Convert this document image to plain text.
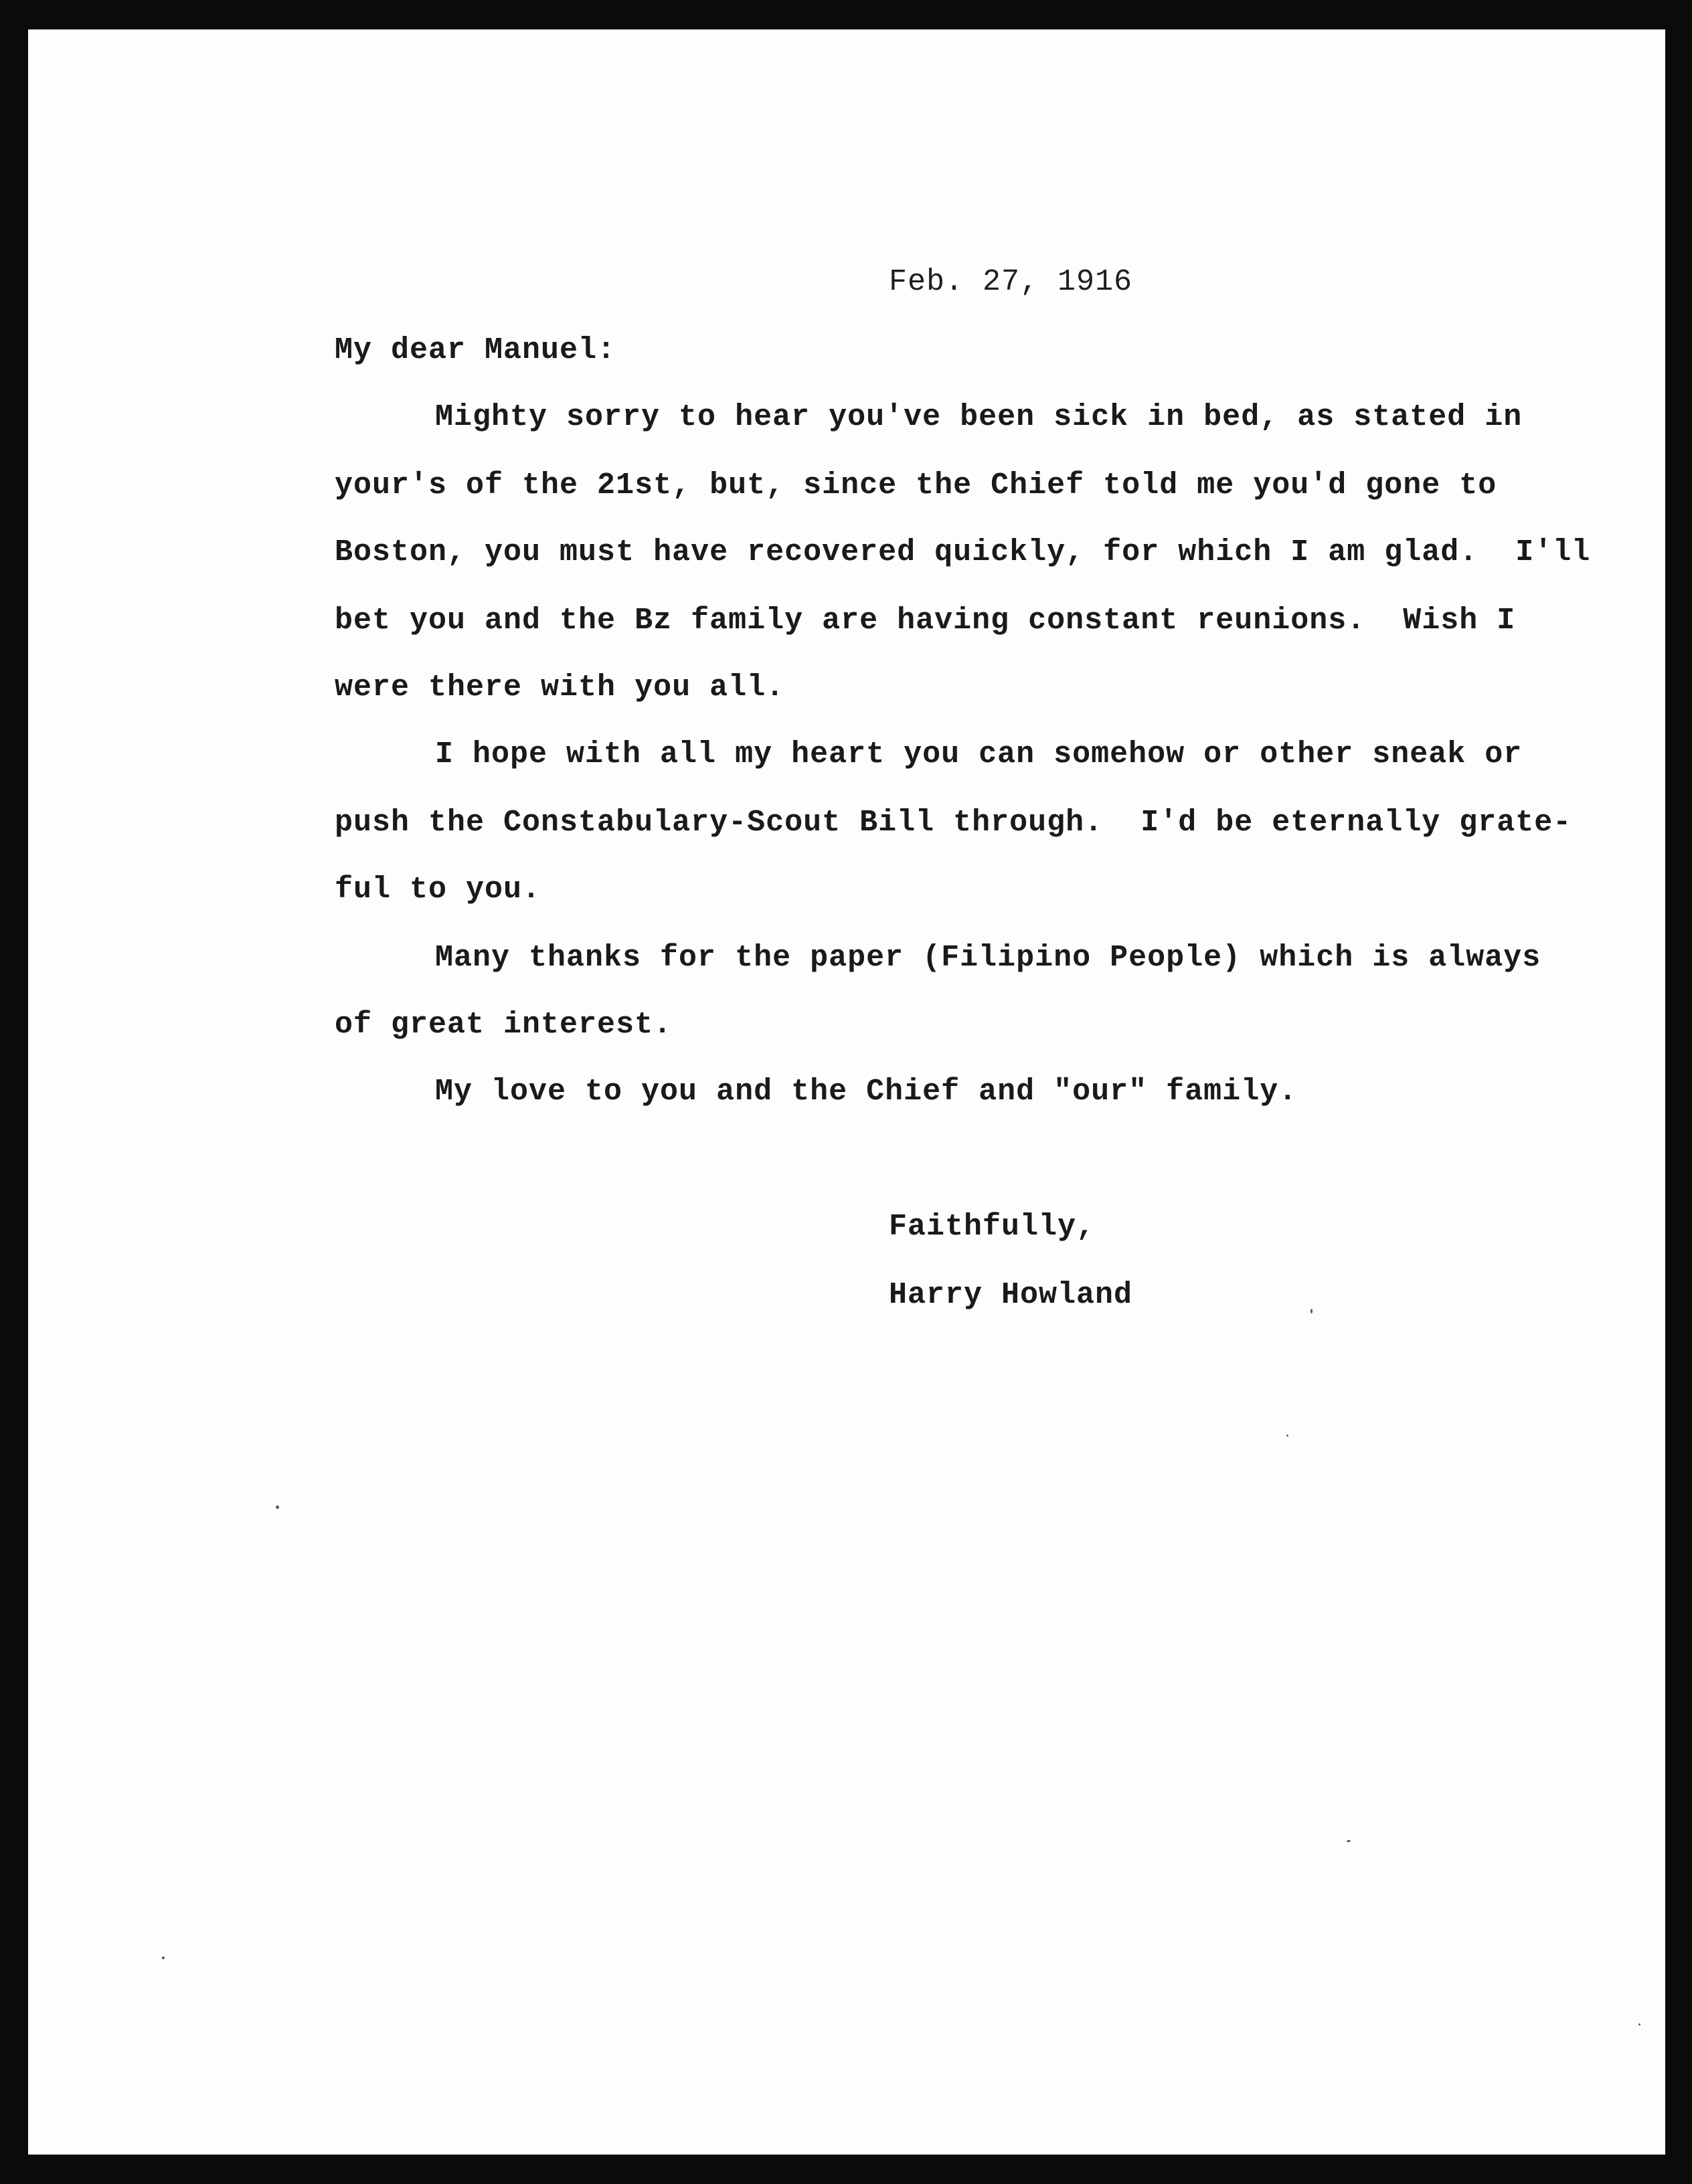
Feb. 27, 1916

My dear Manuel:

Mighty sorry to hear you've been sick in bed, as stated in

your's of the 21st, but, since the Chief told me you'd gone to

Boston, you must have recovered quickly, for which I am glad.  I'll

bet you and the Bz family are having constant reunions.  Wish I

were there with you all.

I hope with all my heart you can somehow or other sneak or

push the Constabulary-Scout Bill through.  I'd be eternally grate-

ful to you.

Many thanks for the paper (Filipino People) which is always

of great interest.

My love to you and the Chief and "our" family.

Faithfully,

Harry Howland
